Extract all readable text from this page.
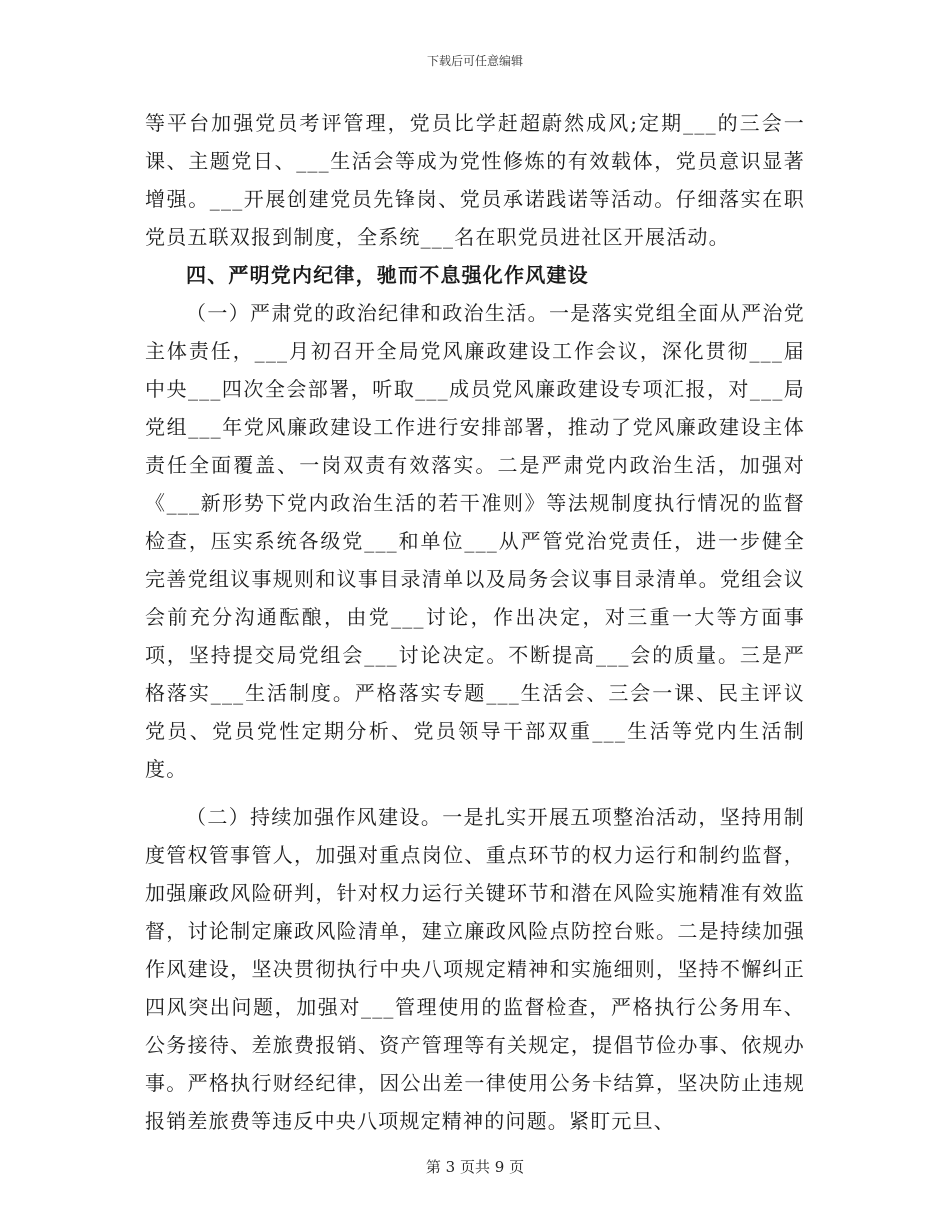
下载后可任意编辑

等平台加强党员考评管理，党员比学赶超蔚然成风;定期___的三会一课、主题党日、___生活会等成为党性修炼的有效载体，党员意识显著增强。___开展创建党员先锋岗、党员承诺践诺等活动。仔细落实在职党员五联双报到制度，全系统___名在职党员进社区开展活动。

四、严明党内纪律，驰而不息强化作风建设

（一）严肃党的政治纪律和政治生活。一是落实党组全面从严治党主体责任，___月初召开全局党风廉政建设工作会议，深化贯彻___届中央___四次全会部署，听取___成员党风廉政建设专项汇报，对___局党组___年党风廉政建设工作进行安排部署，推动了党风廉政建设主体责任全面覆盖、一岗双责有效落实。二是严肃党内政治生活，加强对《___新形势下党内政治生活的若干准则》等法规制度执行情况的监督检查，压实系统各级党___和单位___从严管党治党责任，进一步健全完善党组议事规则和议事目录清单以及局务会议事目录清单。党组会议会前充分沟通酝酿，由党___讨论，作出决定，对三重一大等方面事项，坚持提交局党组会___讨论决定。不断提高___会的质量。三是严格落实___生活制度。严格落实专题___生活会、三会一课、民主评议党员、党员党性定期分析、党员领导干部双重___生活等党内生活制度。

（二）持续加强作风建设。一是扎实开展五项整治活动，坚持用制度管权管事管人，加强对重点岗位、重点环节的权力运行和制约监督，加强廉政风险研判，针对权力运行关键环节和潜在风险实施精准有效监督，讨论制定廉政风险清单，建立廉政风险点防控台账。二是持续加强作风建设，坚决贯彻执行中央八项规定精神和实施细则，坚持不懈纠正四风突出问题，加强对___管理使用的监督检查，严格执行公务用车、公务接待、差旅费报销、资产管理等有关规定，提倡节俭办事、依规办事。严格执行财经纪律，因公出差一律使用公务卡结算，坚决防止违规报销差旅费等违反中央八项规定精神的问题。紧盯元旦、

第 3 页共 9 页
